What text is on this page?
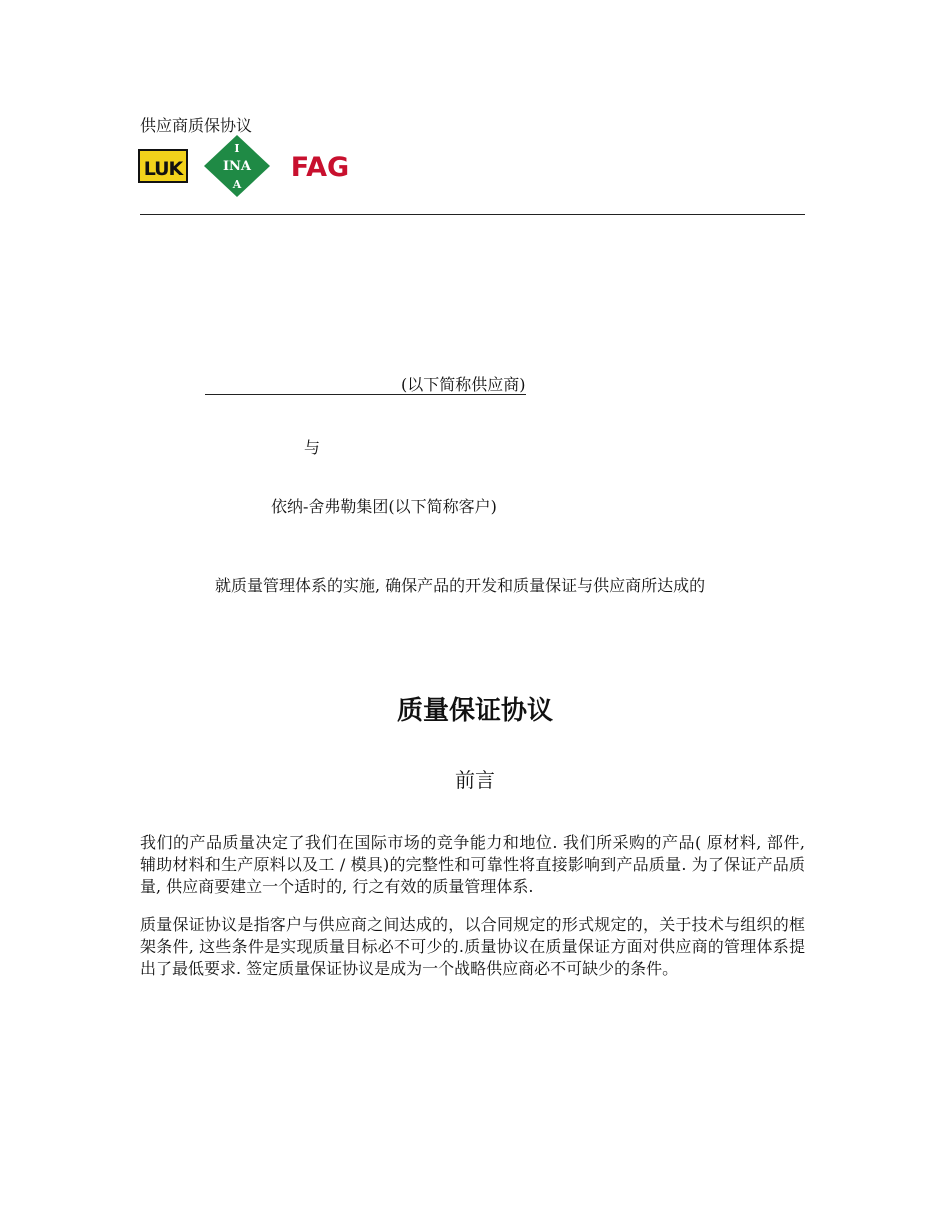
供应商质保协议
LUK
I
INA
A
FAG
(以下简称供应商)
与
依纳-舍弗勒集团(以下简称客户)
就质量管理体系的实施, 确保产品的开发和质量保证与供应商所达成的
质量保证协议
前言
我们的产品质量决定了我们在国际市场的竞争能力和地位. 我们所采购的产品( 原材料, 部件, 辅助材料和生产原料以及工 / 模具)的完整性和可靠性将直接影响到产品质量. 为了保证产品质量, 供应商要建立一个适时的, 行之有效的质量管理体系.
质量保证协议是指客户与供应商之间达成的，以合同规定的形式规定的，关于技术与组织的框架条件, 这些条件是实现质量目标必不可少的.质量协议在质量保证方面对供应商的管理体系提出了最低要求. 签定质量保证协议是成为一个战略供应商必不可缺少的条件。
